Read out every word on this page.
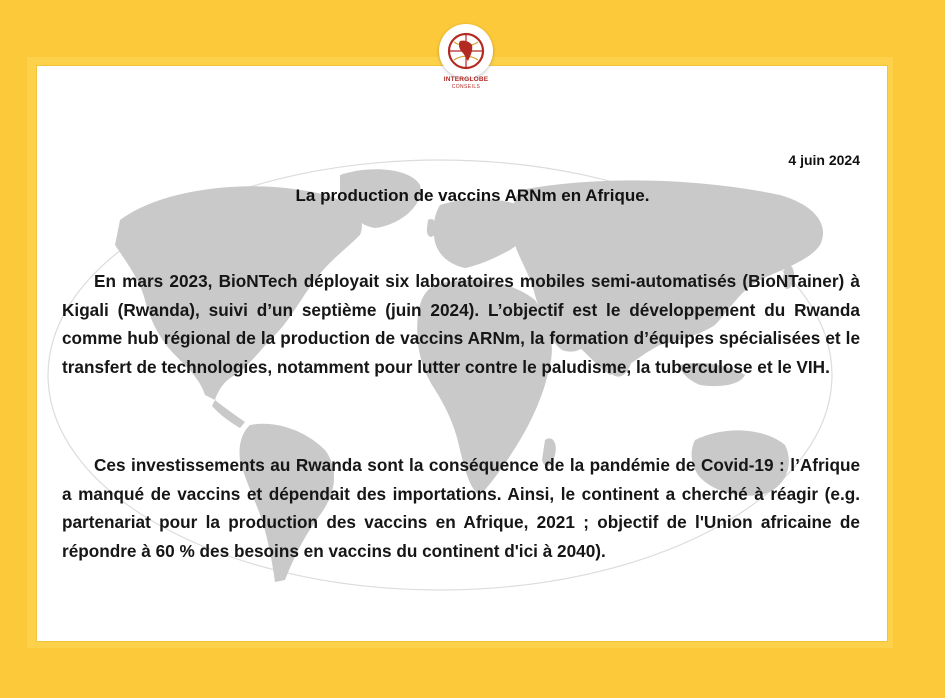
INTERGLOBE
CONSEILS
4 juin 2024
La production de vaccins ARNm en Afrique.
En mars 2023, BioNTech déployait six laboratoires mobiles semi-automatisés (BioNTainer) à Kigali (Rwanda), suivi d’un septième (juin 2024). L’objectif est le développement du Rwanda comme hub régional de la production de vaccins ARNm, la formation d’équipes spécialisées et le transfert de technologies, notamment pour lutter contre le paludisme, la tuberculose et le VIH.
Ces investissements au Rwanda sont la conséquence de la pandémie de Covid-19 : l’Afrique a manqué de vaccins et dépendait des importations. Ainsi, le continent a cherché à réagir (e.g. partenariat pour la production des vaccins en Afrique, 2021 ; objectif de l'Union africaine de répondre à 60 % des besoins en vaccins du continent d'ici à 2040).
